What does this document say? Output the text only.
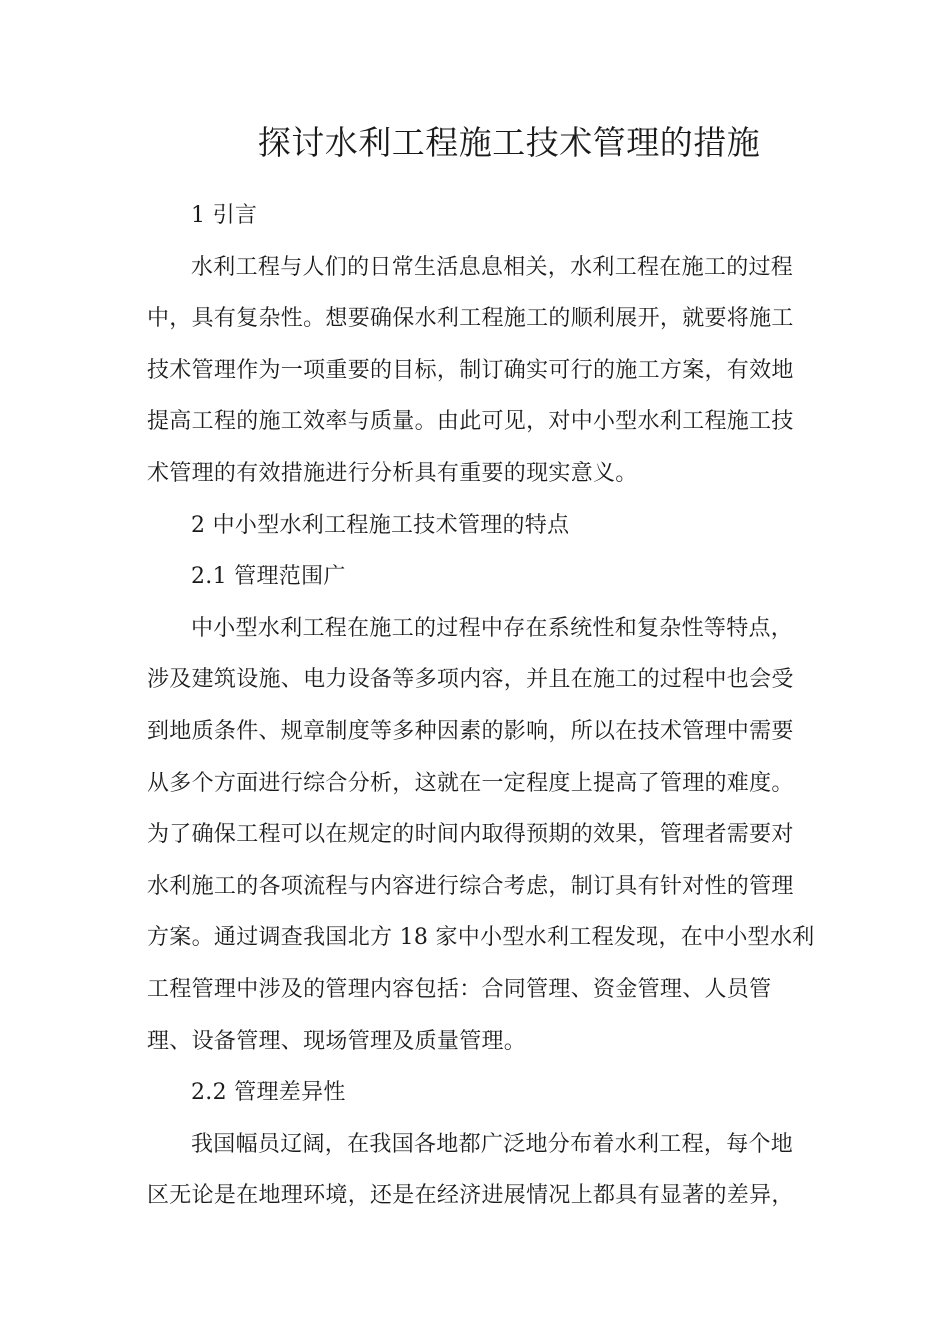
探讨水利工程施工技术管理的措施

1 引言

水利工程与人们的日常生活息息相关，水利工程在施工的过程
中，具有复杂性。想要确保水利工程施工的顺利展开，就要将施工
技术管理作为一项重要的目标，制订确实可行的施工方案，有效地
提高工程的施工效率与质量。由此可见，对中小型水利工程施工技
术管理的有效措施进行分析具有重要的现实意义。

2 中小型水利工程施工技术管理的特点

2.1 管理范围广

中小型水利工程在施工的过程中存在系统性和复杂性等特点，
涉及建筑设施、电力设备等多项内容，并且在施工的过程中也会受
到地质条件、规章制度等多种因素的影响，所以在技术管理中需要
从多个方面进行综合分析，这就在一定程度上提高了管理的难度。
为了确保工程可以在规定的时间内取得预期的效果，管理者需要对
水利施工的各项流程与内容进行综合考虑，制订具有针对性的管理
方案。通过调查我国北方 18 家中小型水利工程发现，在中小型水利
工程管理中涉及的管理内容包括：合同管理、资金管理、人员管
理、设备管理、现场管理及质量管理。

2.2 管理差异性

我国幅员辽阔，在我国各地都广泛地分布着水利工程，每个地
区无论是在地理环境，还是在经济进展情况上都具有显著的差异，
